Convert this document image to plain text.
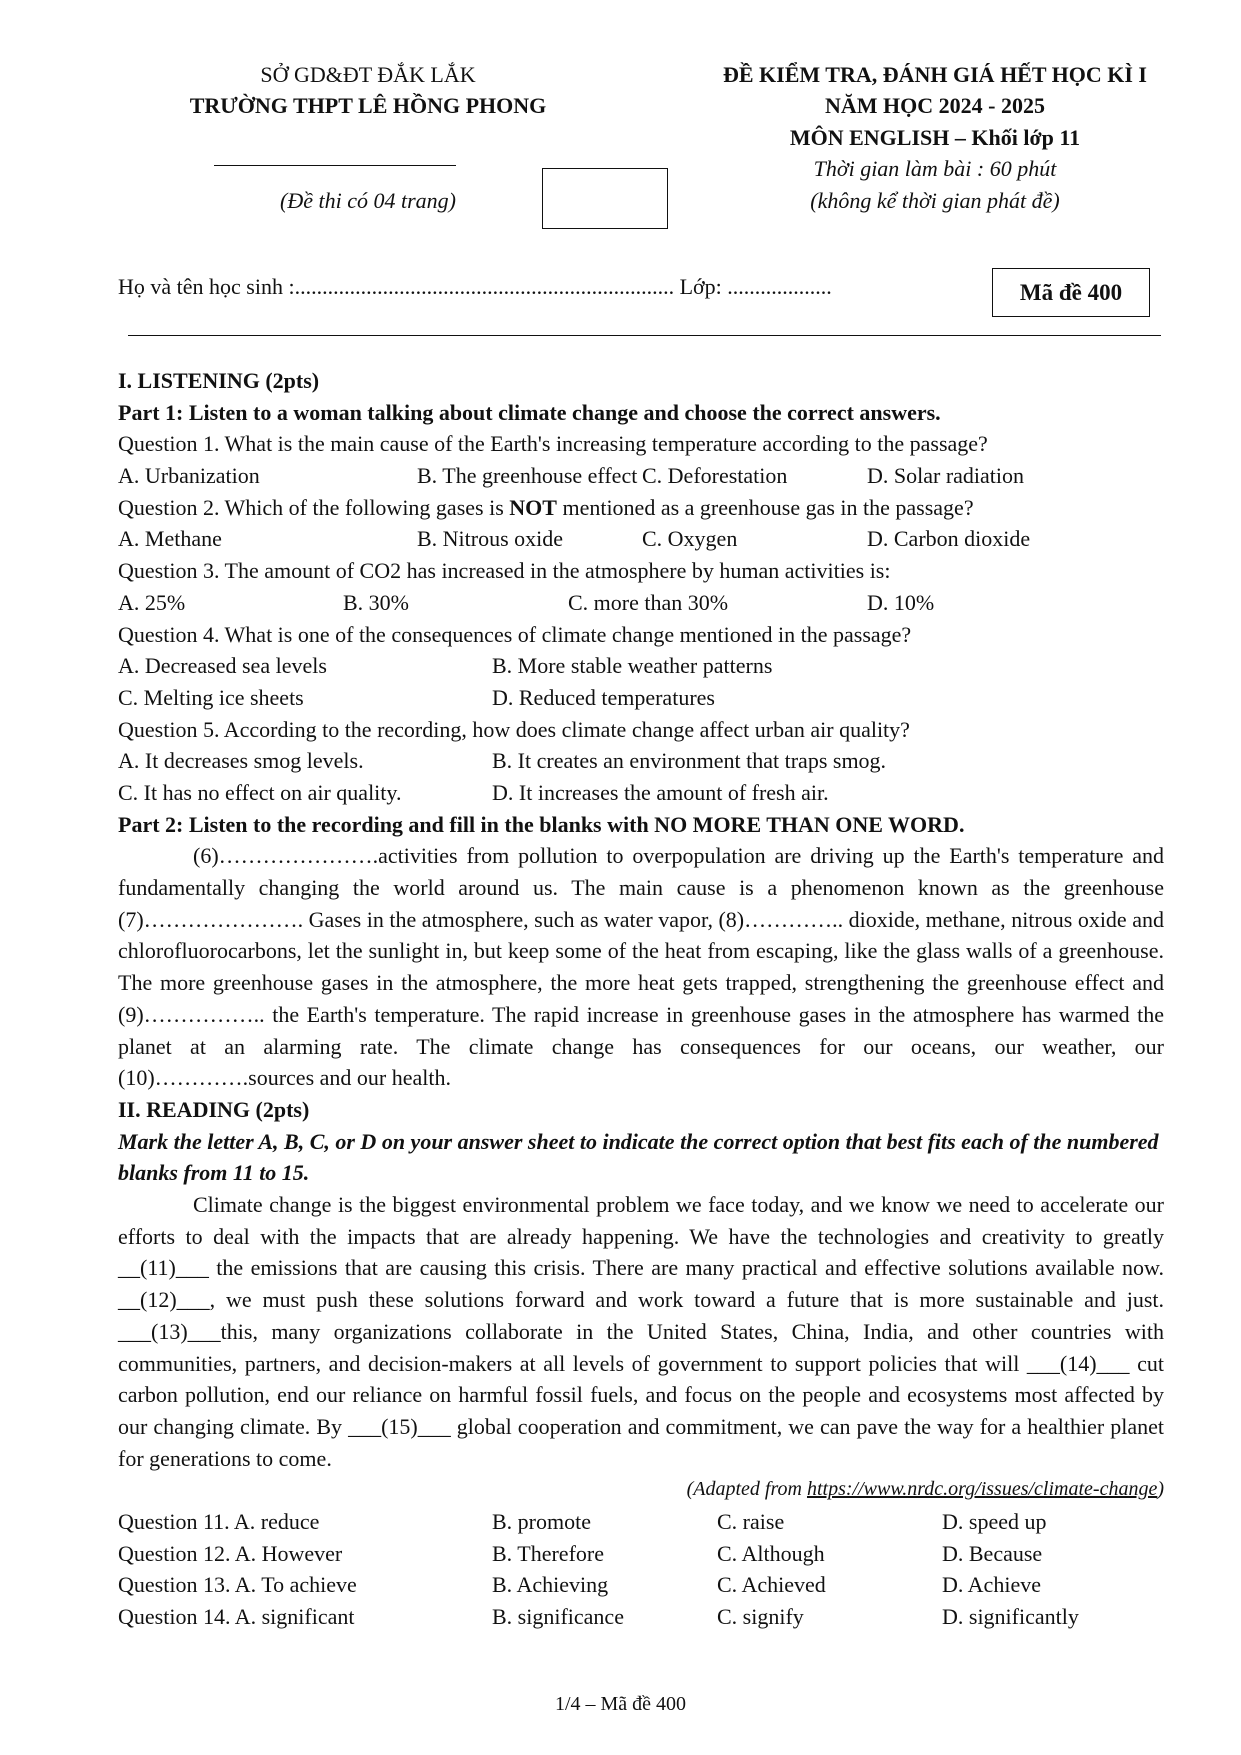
SỞ GD&ĐT ĐẮK LẮK
TRƯỜNG THPT LÊ HỒNG PHONG
(Đề thi có 04 trang)
ĐỀ KIỂM TRA, ĐÁNH GIÁ HẾT HỌC KÌ I
NĂM HỌC 2024 - 2025
MÔN ENGLISH – Khối lớp 11
Thời gian làm bài : 60 phút
(không kể thời gian phát đề)
Họ và tên học sinh :..................................................................... Lớp: ...................	Mã đề 400
I. LISTENING (2pts)
Part 1: Listen to a woman talking about climate change and choose the correct answers.
Question 1. What is the main cause of the Earth's increasing temperature according to the passage?
A. Urbanization	B. The greenhouse effect C. Deforestation	D. Solar radiation
Question 2. Which of the following gases is NOT mentioned as a greenhouse gas in the passage?
A. Methane	B. Nitrous oxide	C. Oxygen	D. Carbon dioxide
Question 3. The amount of CO2 has increased in the atmosphere by human activities is:
A. 25%	B. 30%	C. more than 30%	D. 10%
Question 4. What is one of the consequences of climate change mentioned in the passage?
A. Decreased sea levels	B. More stable weather patterns
C. Melting ice sheets	D. Reduced temperatures
Question 5. According to the recording, how does climate change affect urban air quality?
A. It decreases smog levels.	B. It creates an environment that traps smog.
C. It has no effect on air quality.	D. It increases the amount of fresh air.
Part 2: Listen to the recording and fill in the blanks with NO MORE THAN ONE WORD.
(6)………………….activities from pollution to overpopulation are driving up the Earth's temperature and fundamentally changing the world around us. The main cause is a phenomenon known as the greenhouse (7)…………………. Gases in the atmosphere, such as water vapor, (8)………….. dioxide, methane, nitrous oxide and chlorofluorocarbons, let the sunlight in, but keep some of the heat from escaping, like the glass walls of a greenhouse. The more greenhouse gases in the atmosphere, the more heat gets trapped, strengthening the greenhouse effect and (9)…………….. the Earth's temperature. The rapid increase in greenhouse gases in the atmosphere has warmed the planet at an alarming rate. The climate change has consequences for our oceans, our weather, our (10)………….sources and our health.
II. READING (2pts)
Mark the letter A, B, C, or D on your answer sheet to indicate the correct option that best fits each of the numbered blanks from 11 to 15.
Climate change is the biggest environmental problem we face today, and we know we need to accelerate our efforts to deal with the impacts that are already happening. We have the technologies and creativity to greatly __(11)___ the emissions that are causing this crisis. There are many practical and effective solutions available now. __(12)___, we must push these solutions forward and work toward a future that is more sustainable and just. ___(13)___this, many organizations collaborate in the United States, China, India, and other countries with communities, partners, and decision-makers at all levels of government to support policies that will ___(14)___ cut carbon pollution, end our reliance on harmful fossil fuels, and focus on the people and ecosystems most affected by our changing climate. By ___(15)___ global cooperation and commitment, we can pave the way for a healthier planet for generations to come.
(Adapted from https://www.nrdc.org/issues/climate-change)
Question 11. A. reduce	B. promote	C. raise	D. speed up
Question 12. A. However	B. Therefore	C. Although	D. Because
Question 13. A. To achieve	B. Achieving	C. Achieved	D. Achieve
Question 14. A. significant	B. significance	C. signify	D. significantly
1/4 – Mã đề 400
